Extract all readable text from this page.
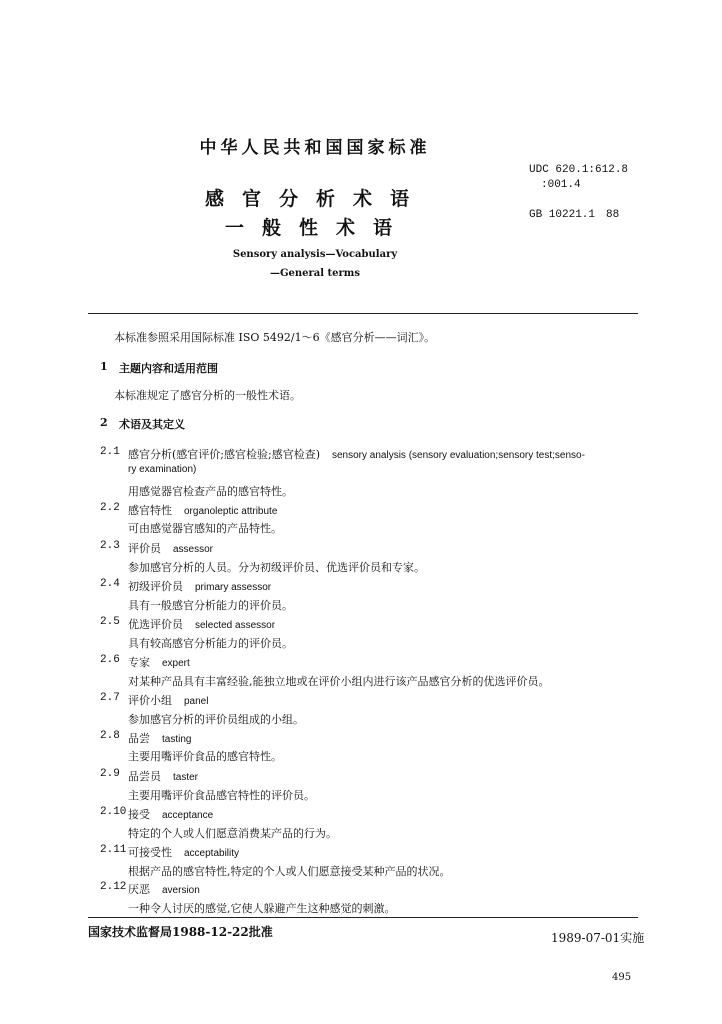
中华人民共和国国家标准
UDC 620.1:612.8
:001.4
GB 10221.1　88
感官分析术语
一般性术语
Sensory analysis—Vocabulary
—General terms
本标准参照采用国际标准 ISO 5492/1～6《感官分析——词汇》。
1 主题内容和适用范围
本标准规定了感官分析的一般性术语。
2 术语及其定义
2.1 感官分析(感官评价;感官检验;感官检查) sensory analysis (sensory evaluation;sensory test;senso-
ry examination)
用感觉器官检查产品的感官特性。
2.2 感官特性 organoleptic attribute
可由感觉器官感知的产品特性。
2.3 评价员 assessor
参加感官分析的人员。分为初级评价员、优选评价员和专家。
2.4 初级评价员 primary assessor
具有一般感官分析能力的评价员。
2.5 优选评价员 selected assessor
具有较高感官分析能力的评价员。
2.6 专家 expert
对某种产品具有丰富经验,能独立地或在评价小组内进行该产品感官分析的优选评价员。
2.7 评价小组 panel
参加感官分析的评价员组成的小组。
2.8 品尝 tasting
主要用嘴评价食品的感官特性。
2.9 品尝员 taster
主要用嘴评价食品感官特性的评价员。
2.10 接受 acceptance
特定的个人或人们愿意消费某产品的行为。
2.11 可接受性 acceptability
根据产品的感官特性,特定的个人或人们愿意接受某种产品的状况。
2.12 厌恶 aversion
一种令人讨厌的感觉,它使人躲避产生这种感觉的刺激。
国家技术监督局1988-12-22批准	1989-07-01实施
495
